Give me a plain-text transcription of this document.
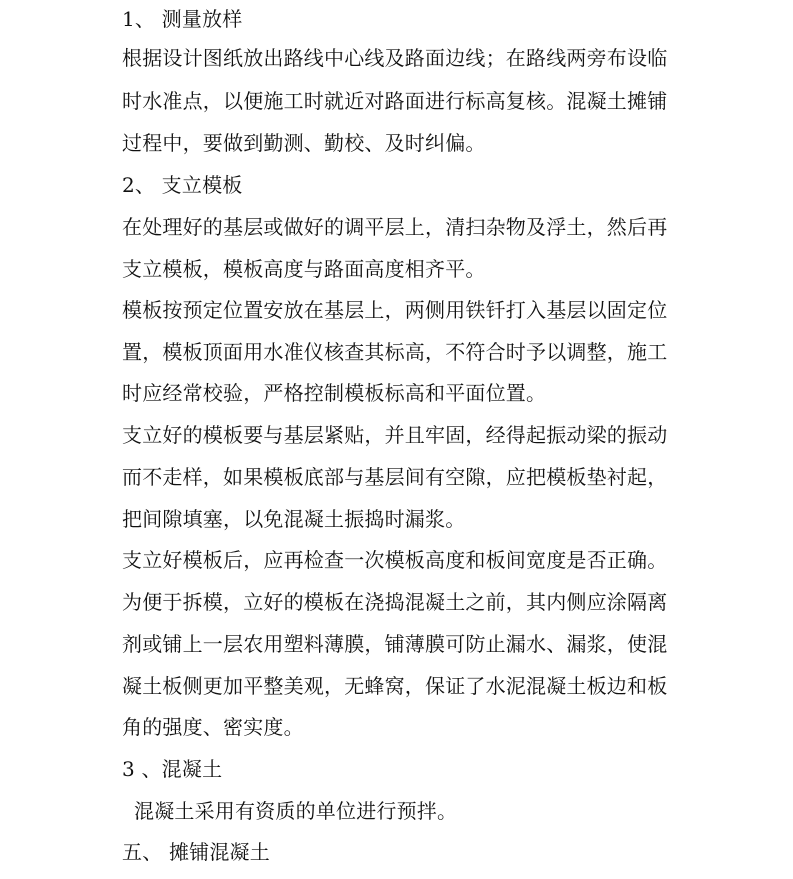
1、 测量放样
根据设计图纸放出路线中心线及路面边线；在路线两旁布设临
时水准点，以便施工时就近对路面进行标高复核。混凝土摊铺
过程中，要做到勤测、勤校、及时纠偏。
2、 支立模板
在处理好的基层或做好的调平层上，清扫杂物及浮土，然后再
支立模板，模板高度与路面高度相齐平。
模板按预定位置安放在基层上，两侧用铁钎打入基层以固定位
置，模板顶面用水准仪核查其标高，不符合时予以调整，施工
时应经常校验，严格控制模板标高和平面位置。
支立好的模板要与基层紧贴，并且牢固，经得起振动梁的振动
而不走样，如果模板底部与基层间有空隙，应把模板垫衬起，
把间隙填塞，以免混凝土振捣时漏浆。
支立好模板后，应再检查一次模板高度和板间宽度是否正确。
为便于拆模，立好的模板在浇捣混凝土之前，其内侧应涂隔离
剂或铺上一层农用塑料薄膜，铺薄膜可防止漏水、漏浆，使混
凝土板侧更加平整美观，无蜂窝，保证了水泥混凝土板边和板
角的强度、密实度。
3 、混凝土
混凝土采用有资质的单位进行预拌。
五、 摊铺混凝土
